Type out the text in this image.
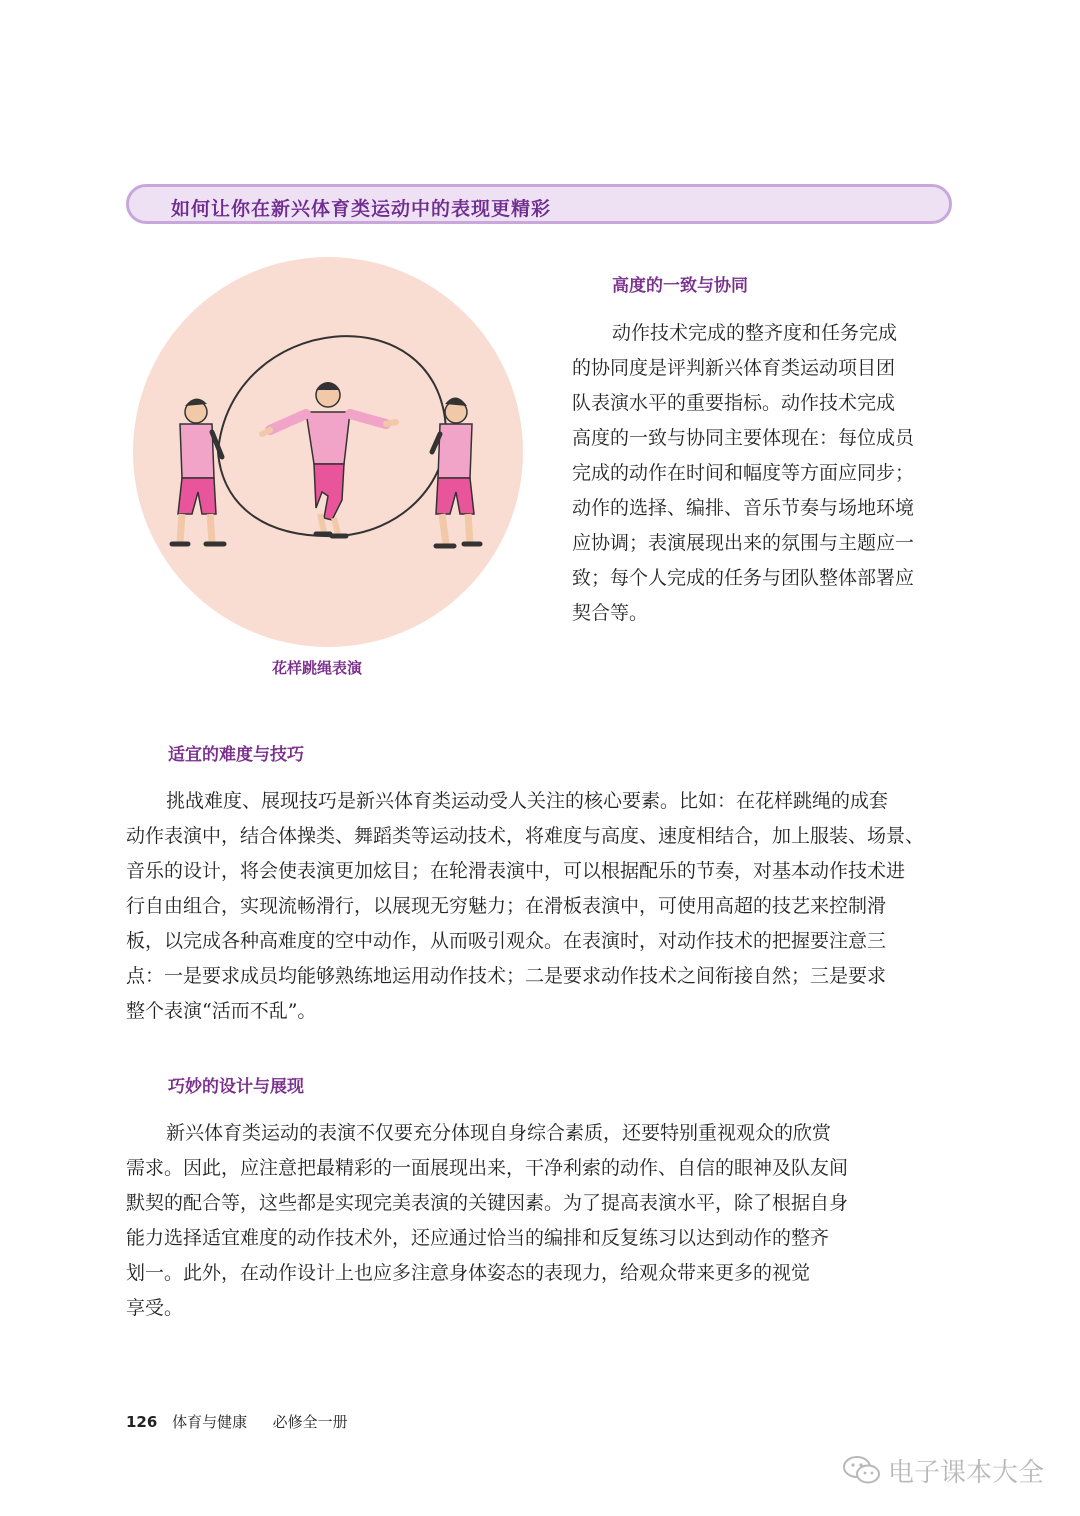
如何让你在新兴体育类运动中的表现更精彩
花样跳绳表演
高度的一致与协同
动作技术完成的整齐度和任务完成
的协同度是评判新兴体育类运动项目团
队表演水平的重要指标。动作技术完成
高度的一致与协同主要体现在：每位成员
完成的动作在时间和幅度等方面应同步；
动作的选择、编排、音乐节奏与场地环境
应协调；表演展现出来的氛围与主题应一
致；每个人完成的任务与团队整体部署应
契合等。
适宜的难度与技巧
挑战难度、展现技巧是新兴体育类运动受人关注的核心要素。比如：在花样跳绳的成套
动作表演中，结合体操类、舞蹈类等运动技术，将难度与高度、速度相结合，加上服装、场景、
音乐的设计，将会使表演更加炫目；在轮滑表演中，可以根据配乐的节奏，对基本动作技术进
行自由组合，实现流畅滑行，以展现无穷魅力；在滑板表演中，可使用高超的技艺来控制滑
板，以完成各种高难度的空中动作，从而吸引观众。在表演时，对动作技术的把握要注意三
点：一是要求成员均能够熟练地运用动作技术；二是要求动作技术之间衔接自然；三是要求
整个表演“活而不乱”。
巧妙的设计与展现
新兴体育类运动的表演不仅要充分体现自身综合素质，还要特别重视观众的欣赏
需求。因此，应注意把最精彩的一面展现出来，干净利索的动作、自信的眼神及队友间
默契的配合等，这些都是实现完美表演的关键因素。为了提高表演水平，除了根据自身
能力选择适宜难度的动作技术外，还应通过恰当的编排和反复练习以达到动作的整齐
划一。此外，在动作设计上也应多注意身体姿态的表现力，给观众带来更多的视觉
享受。
126 体育与健康 必修全一册
电子课本大全
